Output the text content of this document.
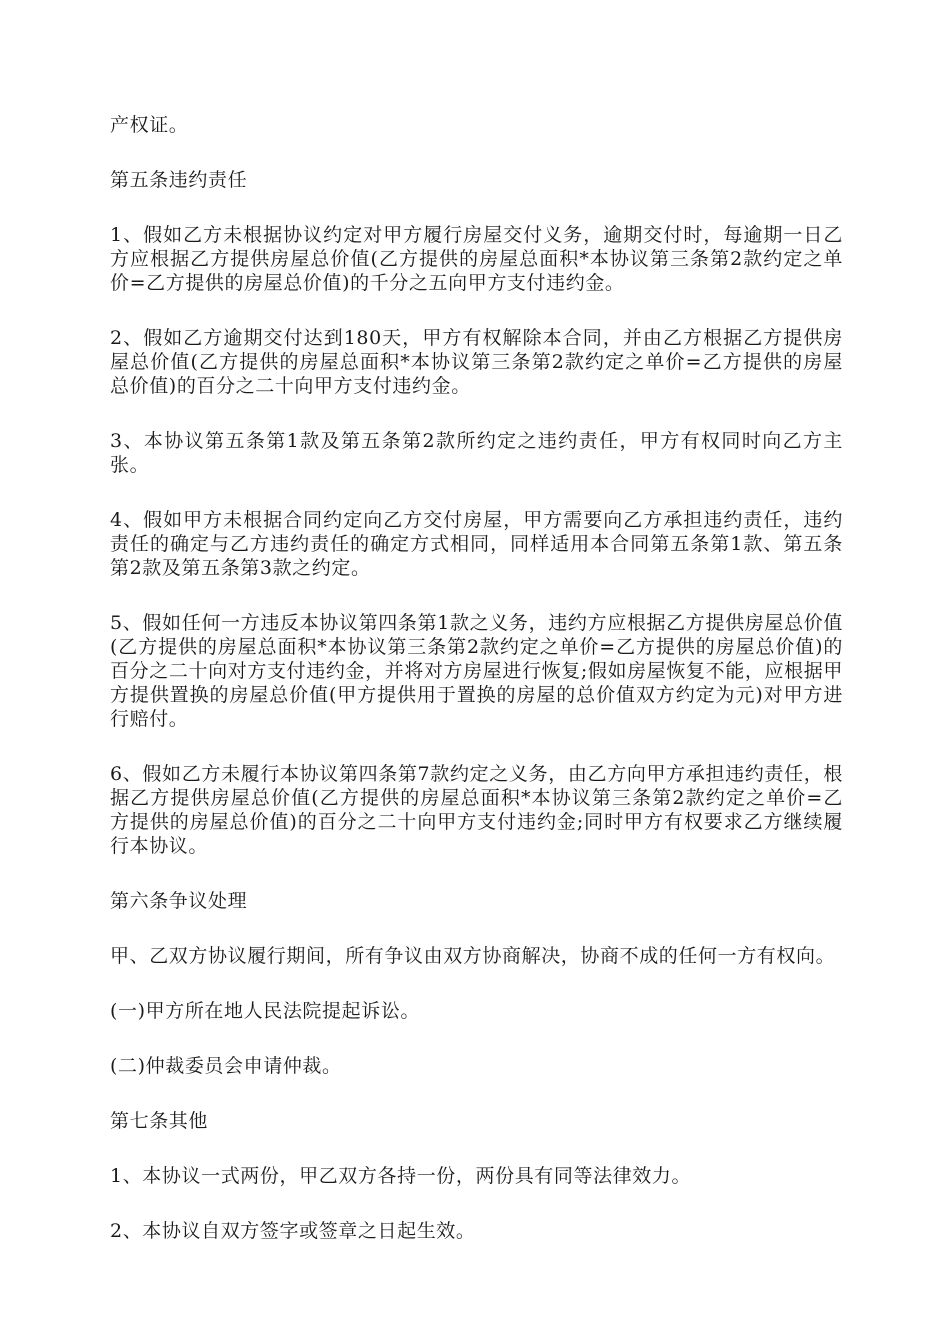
产权证。

第五条违约责任

1、假如乙方未根据协议约定对甲方履行房屋交付义务，逾期交付时，每逾期一日乙方应根据乙方提供房屋总价值(乙方提供的房屋总面积*本协议第三条第2款约定之单价=乙方提供的房屋总价值)的千分之五向甲方支付违约金。

2、假如乙方逾期交付达到180天，甲方有权解除本合同，并由乙方根据乙方提供房屋总价值(乙方提供的房屋总面积*本协议第三条第2款约定之单价=乙方提供的房屋总价值)的百分之二十向甲方支付违约金。

3、本协议第五条第1款及第五条第2款所约定之违约责任，甲方有权同时向乙方主张。

4、假如甲方未根据合同约定向乙方交付房屋，甲方需要向乙方承担违约责任，违约责任的确定与乙方违约责任的确定方式相同，同样适用本合同第五条第1款、第五条第2款及第五条第3款之约定。

5、假如任何一方违反本协议第四条第1款之义务，违约方应根据乙方提供房屋总价值(乙方提供的房屋总面积*本协议第三条第2款约定之单价=乙方提供的房屋总价值)的百分之二十向对方支付违约金，并将对方房屋进行恢复;假如房屋恢复不能，应根据甲方提供置换的房屋总价值(甲方提供用于置换的房屋的总价值双方约定为元)对甲方进行赔付。

6、假如乙方未履行本协议第四条第7款约定之义务，由乙方向甲方承担违约责任，根据乙方提供房屋总价值(乙方提供的房屋总面积*本协议第三条第2款约定之单价=乙方提供的房屋总价值)的百分之二十向甲方支付违约金;同时甲方有权要求乙方继续履行本协议。

第六条争议处理

甲、乙双方协议履行期间，所有争议由双方协商解决，协商不成的任何一方有权向。

(一)甲方所在地人民法院提起诉讼。

(二)仲裁委员会申请仲裁。

第七条其他

1、本协议一式两份，甲乙双方各持一份，两份具有同等法律效力。

2、本协议自双方签字或签章之日起生效。
